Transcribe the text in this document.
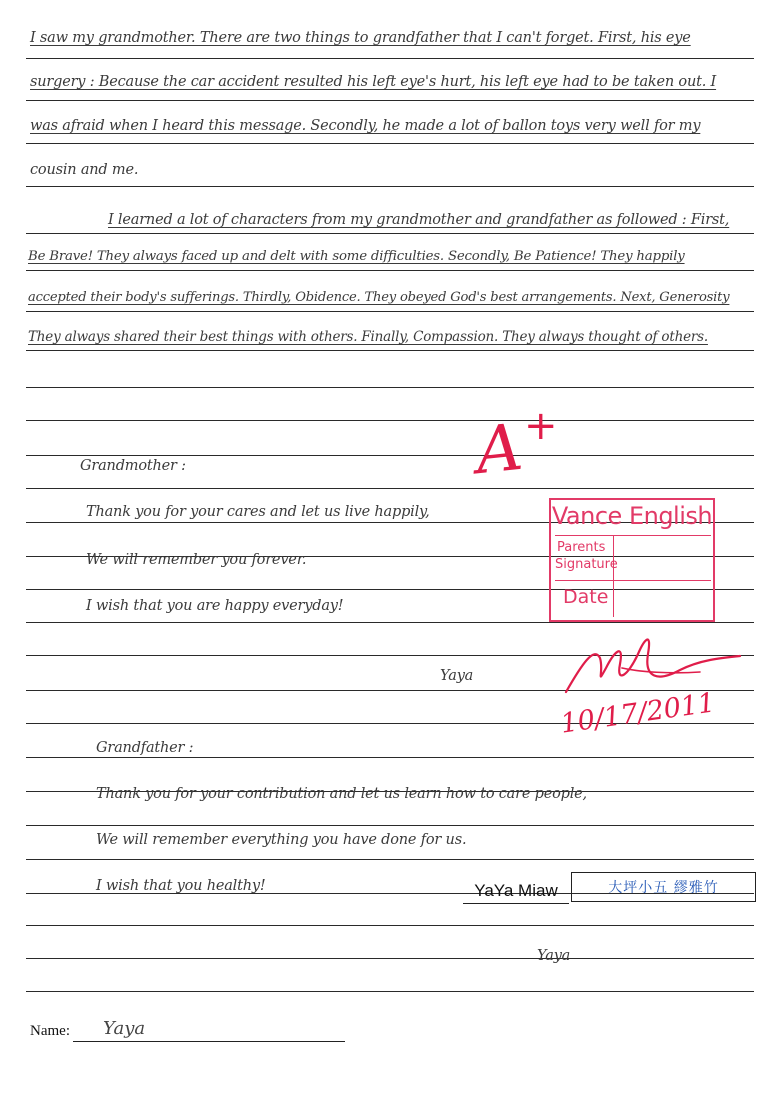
I saw my grandmother. There are two things to grandfather that I can't forget. First, his eye
surgery : Because the car accident resulted his left eye's hurt, his left eye had to be taken out. I
was afraid when I heard this message. Secondly, he made a lot of ballon toys very well for my
cousin and me.
I learned a lot of characters from my grandmother and grandfather as followed : First,
Be Brave! They always faced up and delt with some difficulties. Secondly, Be Patience! They happily
accepted their body's sufferings. Thirdly, Obidence. They obeyed God's best arrangements. Next, Generosity
They always shared their best things with others. Finally, Compassion. They always thought of others.
Grandmother :
Thank you for your cares and let us live happily,
We will remember you forever.
I wish that you are happy everyday!
Yaya
Grandfather :
Thank you for your contribution and let us learn how to care people,
We will remember everything you have done for us.
I wish that you healthy!
Yaya
A
+
Vance English
Parents
Signature
Date
10/17/2011
YaYa Miaw	大坪小五 繆雅竹
Name: Yaya
